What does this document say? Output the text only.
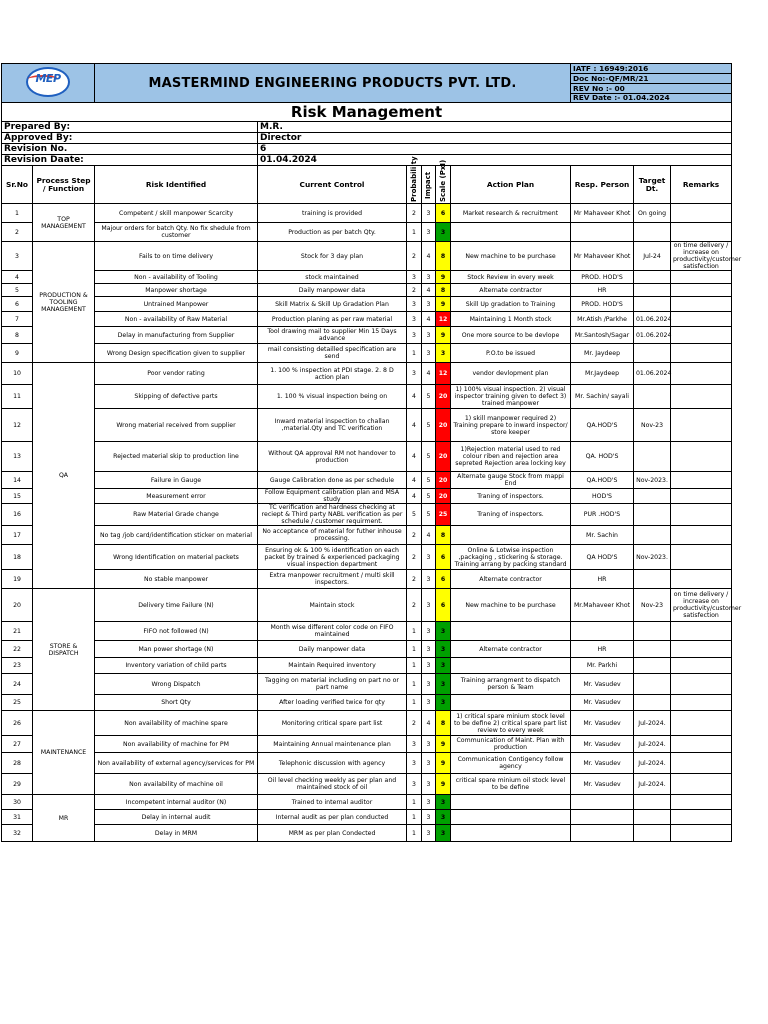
MEP		MASTERMIND ENGINEERING PRODUCTS PVT. LTD.						IATF : 16949:2016		
								Doc No:-QF/MR/21		
								REV No :- 00		
								REV Date :- 01.04.2024		
Risk Management										
Prepared By:			M.R.							
Approved By:			Director							
Revision No.			6							
Revision Daate:			01.04.2024							
Sr.No	Process Step / Function	Risk Identified	Current Control	Probabili ty	Impact	Scale (PxI)	Action Plan	Resp. Person	Target Dt.	Remarks
1	TOP MANAGEMENT	Competent / skill manpower Scarcity	training is provided	2	3	6	Market research & recruitment	Mr Mahaveer Khot	On going	
2		Majour orders for batch Qty. No fix shedule from customer	Production as per batch Qty.	1	3	3				
3	PRODUCTION & TOOLING MANAGEMENT	Fails to on time delivery	Stock for 3 day plan	2	4	8	New machine to be purchase	Mr Mahaveer Khot	Jul-24	on time delivery / increase on productivity/customer satisfection
4		Non - availability of Tooling	stock maintained	3	3	9	Stock Review in every week	PROD. HOD'S		
5		Manpower shortage	Daily manpower data	2	4	8	Alternate contractor	HR		
6		Untrained Manpower	Skill Matrix & Skill Up Gradation Plan	3	3	9	Skill Up gradation to Training	PROD. HOD'S		
7		Non - availability of Raw Material	Production planing as per raw material	3	4	12	Maintaining 1 Month stock	Mr.Atish /Parkhe	01.06.2024	
8		Delay in manufacturing from Supplier	Tool drawing mail to supplier Min 15 Days advance	3	3	9	One more source to be devlope	Mr.Santosh/Sagar	01.06.2024	
9		Wrong Design specification given to supplier	mail consisting detailled specification are send	1	3	3	P.O.to be issued	Mr. Jaydeep		
10	QA	Poor vendor rating	1. 100 % inspection at PDI stage. 2. 8 D action plan	3	4	12	vendor devlopment plan	Mr.Jaydeep	01.06.2024	
11		Skipping of defective parts	1. 100 % visual inspection being on	4	5	20	1) 100% visual inspection. 2) visual inspector training given to defect 3) trained manpower	Mr. Sachin/ sayali		
12		Wrong material received from supplier	Inward material inspection to challan ,material.Qty and TC verification	4	5	20	1) skill manpower required 2) Training prepare to inward inspector/ store keeper	QA.HOD'S	Nov-23	
13		Rejected material skip to production line	Without QA approval RM not handover to production	4	5	20	1)Rejection material used to red colour riben and rejection area sepreted Rejection area locking key	QA. HOD'S		
14		Failure in Gauge	Gauge Calibration done as per schedule	4	5	20	Alternate gauge Stock from mappi End	QA.HOD'S	Nov-2023.	
15		Measurement error	Follow Equipment calibration plan and MSA study	4	5	20	Traning of inspectors.	HOD'S		
16		Raw Material Grade change	TC verification and hardness checking at reciept & Third party NABL verification as per schedule / customer requirment.	5	5	25	Traning of inspectors.	PUR .HOD'S		
17		No tag /job card/identification sticker on material	No acceptance of material for futher inhouse processing.	2	4	8		Mr. Sachin		
18		Wrong Identification on material packets	Ensuring ok & 100 % identification on each packet by trained & experienced packaging visual inspection department	2	3	6	Online & Lotwise inspection ,packaging , stickering & storage. Training arrang by packing standard	QA HOD'S	Nov-2023.	
19		No stable manpower	Extra manpower recruitment / multi skill inspectors.	2	3	6	Alternate contractor	HR		
20	STORE & DISPATCH	Delivery time Failure (N)	Maintain stock	2	3	6	New machine to be purchase	Mr.Mahaveer Khot	Nov-23	on time delivery / increase on productivity/customer satisfection
21		FIFO not followed (N)	Month wise different color code on FIFO maintained	1	3	3				
22		Man power shortage (N)	Daily manpower data	1	3	3	Alternate contractor	HR		
23		Inventory variation of child parts	Maintain Required inventory	1	3	3		Mr. Parkhi		
24		Wrong Dispatch	Tagging on material including on part no or part name	1	3	3	Training arrangment to dispatch person & Team	Mr. Vasudev		
25		Short Qty	After loading verified twice for qty	1	3	3		Mr. Vasudev		
26	MAINTENANCE	Non availability of machine spare	Monitoring critical spare part list	2	4	8	1) critical spare minium stock level to be define 2) critical spare part list review to every week	Mr. Vasudev	Jul-2024.	
27		Non availability of machine for PM	Maintaining Annual maintenance plan	3	3	9	Communication of Maint. Plan with production	Mr. Vasudev	Jul-2024.	
28		Non availability of external agency/services for PM	Telephonic discussion with agency	3	3	9	Communication Contigency follow agency	Mr. Vasudev	Jul-2024.	
29		Non availability of machine oil	Oil level checking weekly as per plan and maintained stock of oil	3	3	9	critical spare minium oil stock level to be define	Mr. Vasudev	Jul-2024.	
30	MR	Incompetent internal auditor (N)	Trained to internal auditor	1	3	3				
31		Delay in internal audit	Internal audit as per plan conducted	1	3	3				
32		Delay in MRM	MRM as per plan Condected	1	3	3				
